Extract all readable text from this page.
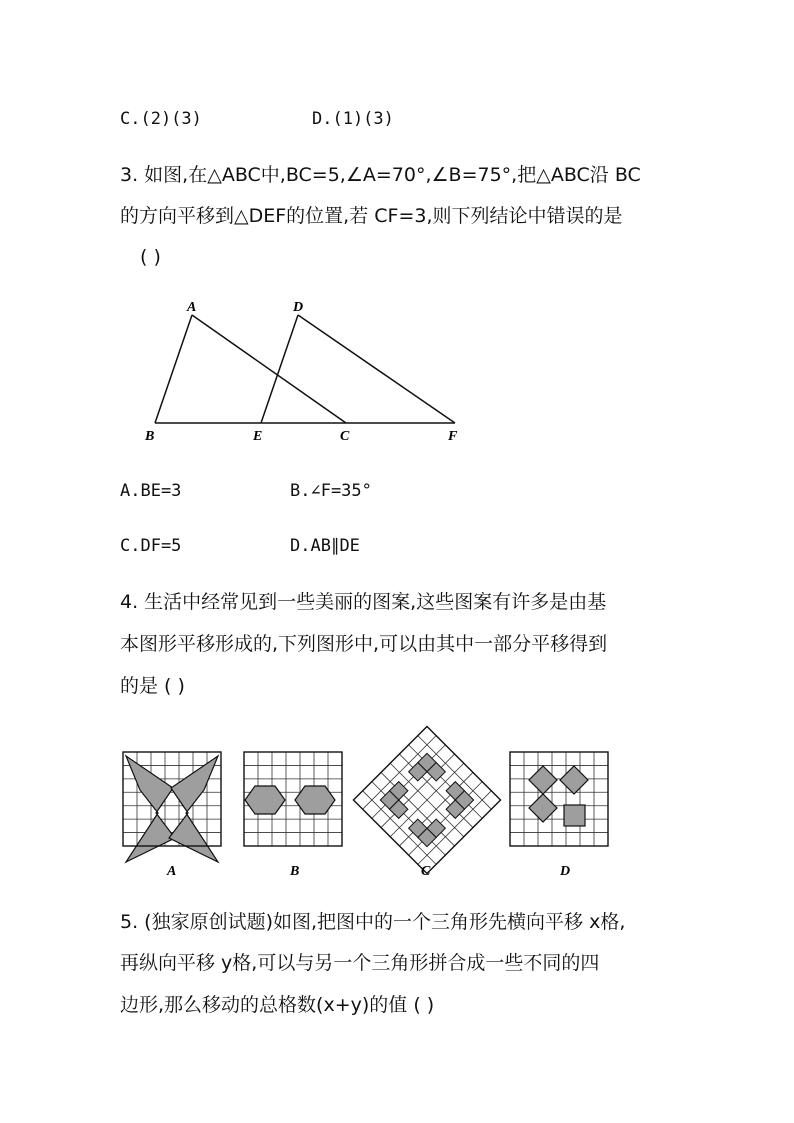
C.(2)(3)	D.(1)(3)
3. 如图,在△ABC中,BC=5,∠A=70°,∠B=75°,把△ABC沿 BC
的方向平移到△DEF的位置,若 CF=3,则下列结论中错误的是
( )
A	D
B	E	C	F
A.BE=3	B.∠F=35°
C.DF=5	D.AB∥DE
4. 生活中经常见到一些美丽的图案,这些图案有许多是由基
本图形平移形成的,下列图形中,可以由其中一部分平移得到
的是 ( )
A	B	C	D
5. (独家原创试题)如图,把图中的一个三角形先横向平移 x格,
再纵向平移 y格,可以与另一个三角形拼合成一些不同的四
边形,那么移动的总格数(x+y)的值 ( )
